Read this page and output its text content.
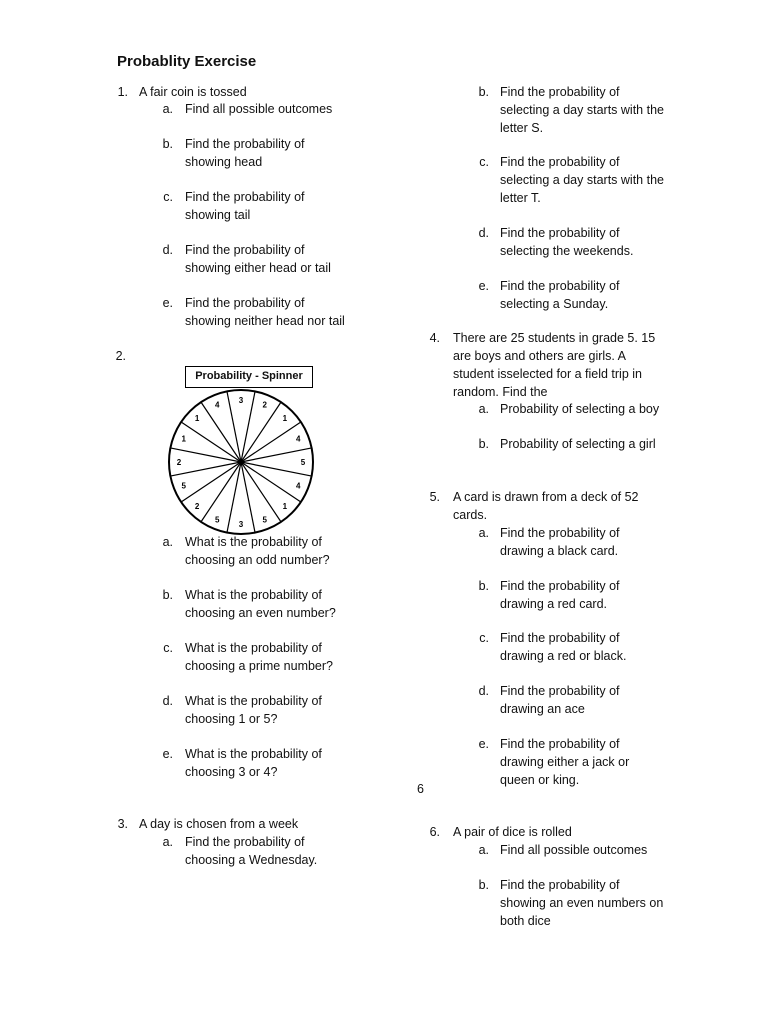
Probablity Exercise
1. A fair coin is tossed
a. Find all possible outcomes
b. Find the probability of
showing head
c. Find the probability of
showing tail
d. Find the probability of
showing either head or tail
e. Find the probability of
showing neither head nor tail
2.
Probability - Spinner
3
2
1
4
5
4
1
5
3
5
2
5
2
1
1
4
a. What is the probability of
choosing an odd number?
b. What is the probability of
choosing an even number?
c. What is the probability of
choosing a prime number?
d. What is the probability of
choosing 1 or 5?
e. What is the probability of
choosing 3 or 4?
3. A day is chosen from a week
a. Find the probability of
choosing a Wednesday.
b. Find the probability of
selecting a day starts with the
letter S.
c. Find the probability of
selecting a day starts with the
letter T.
d. Find the probability of
selecting the weekends.
e. Find the probability of
selecting a Sunday.
4. There are 25 students in grade 5. 15
are boys and others are girls. A
student isselected for a field trip in
random. Find the
a. Probability of selecting a boy
b. Probability of selecting a girl
5. A card is drawn from a deck of 52
cards.
a. Find the probability of
drawing a black card.
b. Find the probability of
drawing a red card.
c. Find the probability of
drawing a red or black.
d. Find the probability of
drawing an ace
e. Find the probability of
drawing either a jack or
queen or king.
6
6. A pair of dice is rolled
a. Find all possible outcomes
b. Find the probability of
showing an even numbers on
both dice
